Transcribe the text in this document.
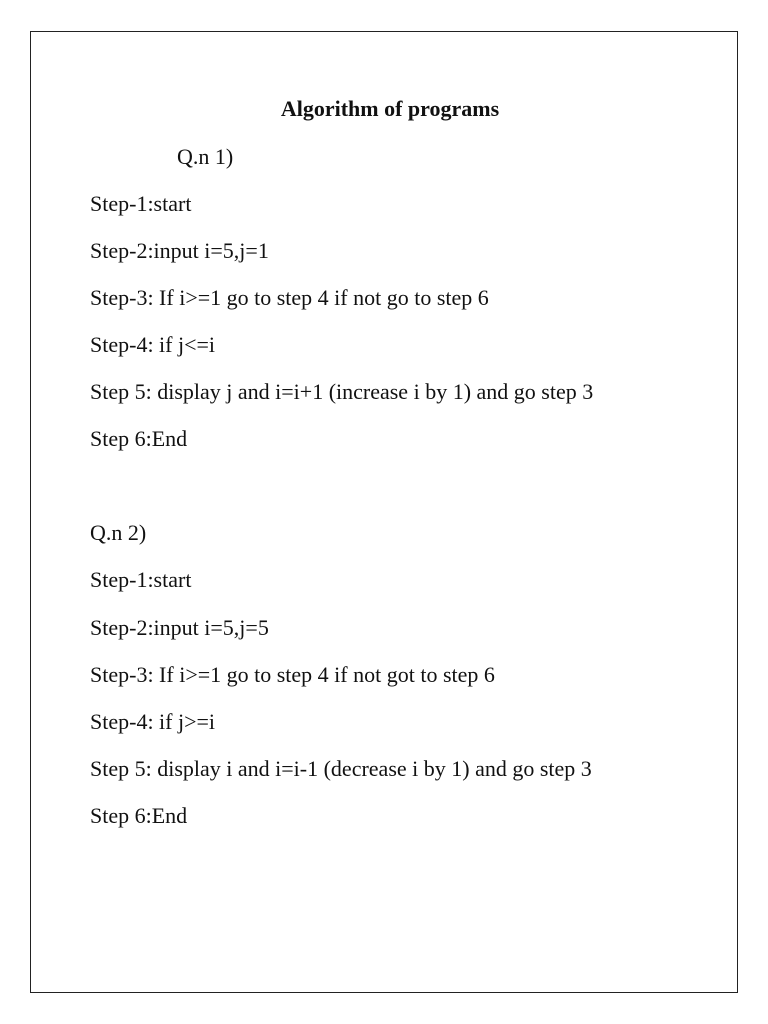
Algorithm of programs
Q.n 1)
Step-1:start
Step-2:input i=5,j=1
Step-3: If i>=1 go to step 4 if not go to step 6
Step-4: if j<=i
Step 5: display j and i=i+1 (increase i by 1) and go step 3
Step 6:End
Q.n 2)
Step-1:start
Step-2:input i=5,j=5
Step-3: If i>=1 go to step 4 if not got to step 6
Step-4: if j>=i
Step 5: display i and i=i-1 (decrease i by 1) and go step 3
Step 6:End
